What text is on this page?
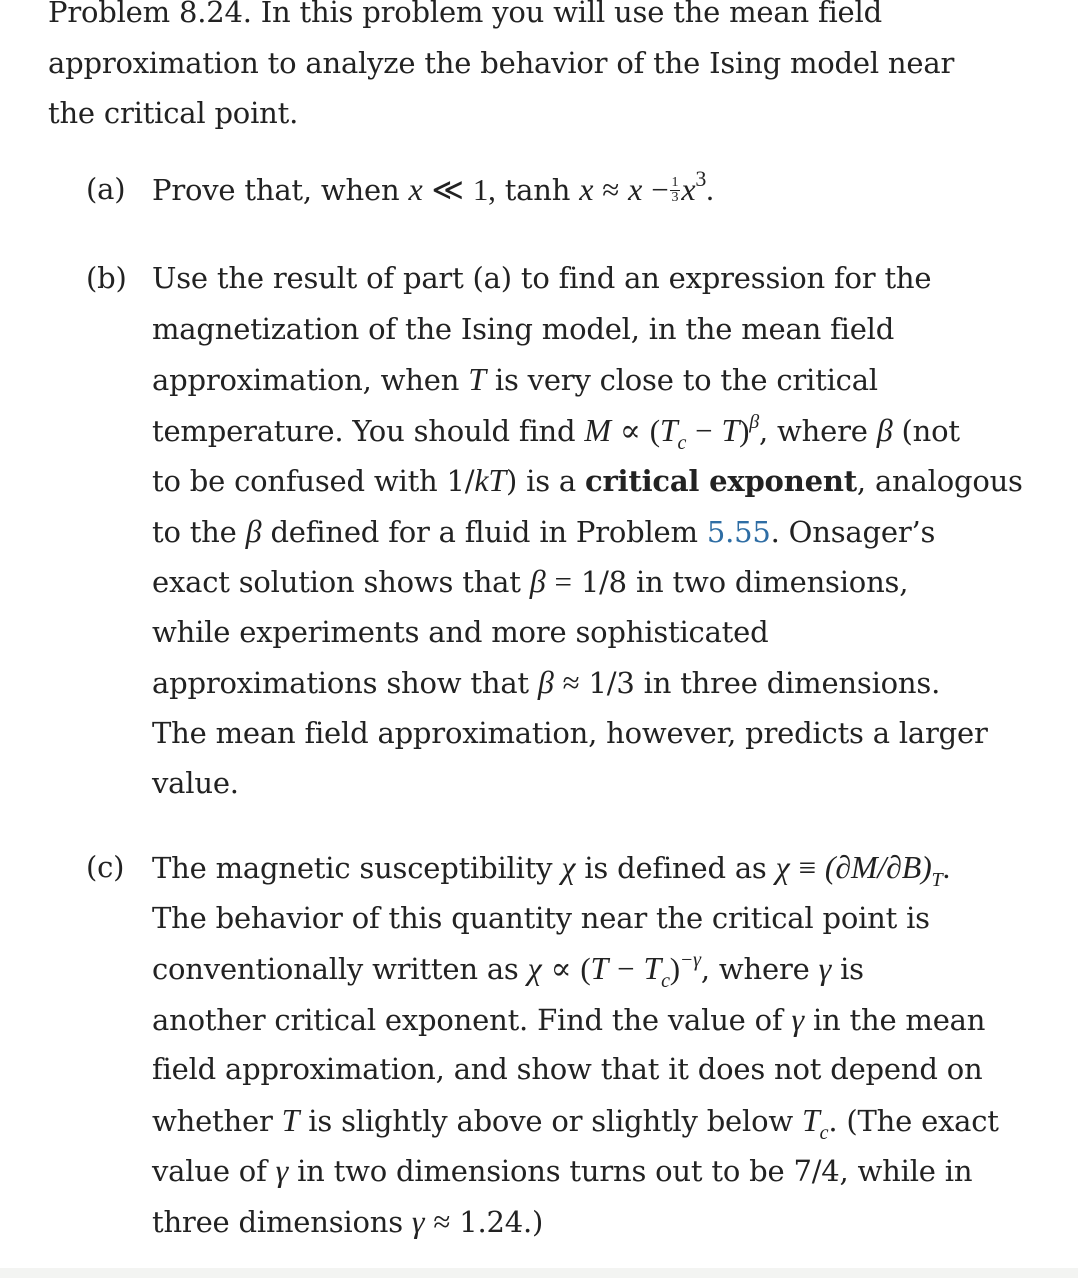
Problem 8.24. In this problem you will use the mean field
approximation to analyze the behavior of the Ising model near
the critical point.
(a) Prove that, when x ≪ 1, $\tanh x \approx x - \frac{1}{3} x^3$.
(b) Use the result of part (a) to find an expression for the
magnetization of the Ising model, in the mean field
approximation, when T is very close to the critical
temperature. You should find $M \propto (T_c - T)^\beta$, where β (not
to be confused with 1/kT) is a critical exponent, analogous
to the β defined for a fluid in Problem 5.55. Onsager’s
exact solution shows that β = 1/8 in two dimensions,
while experiments and more sophisticated
approximations show that β ≈ 1/3 in three dimensions.
The mean field approximation, however, predicts a larger
value.
(c) The magnetic susceptibility χ is defined as $\chi \equiv (\partial M/\partial B)_T$.
The behavior of this quantity near the critical point is
conventionally written as $\chi \propto (T - T_c)^{-\gamma}$, where γ is
another critical exponent. Find the value of γ in the mean
field approximation, and show that it does not depend on
whether T is slightly above or slightly below $T_c$. (The exact
value of γ in two dimensions turns out to be 7/4, while in
three dimensions γ ≈ 1.24.)
